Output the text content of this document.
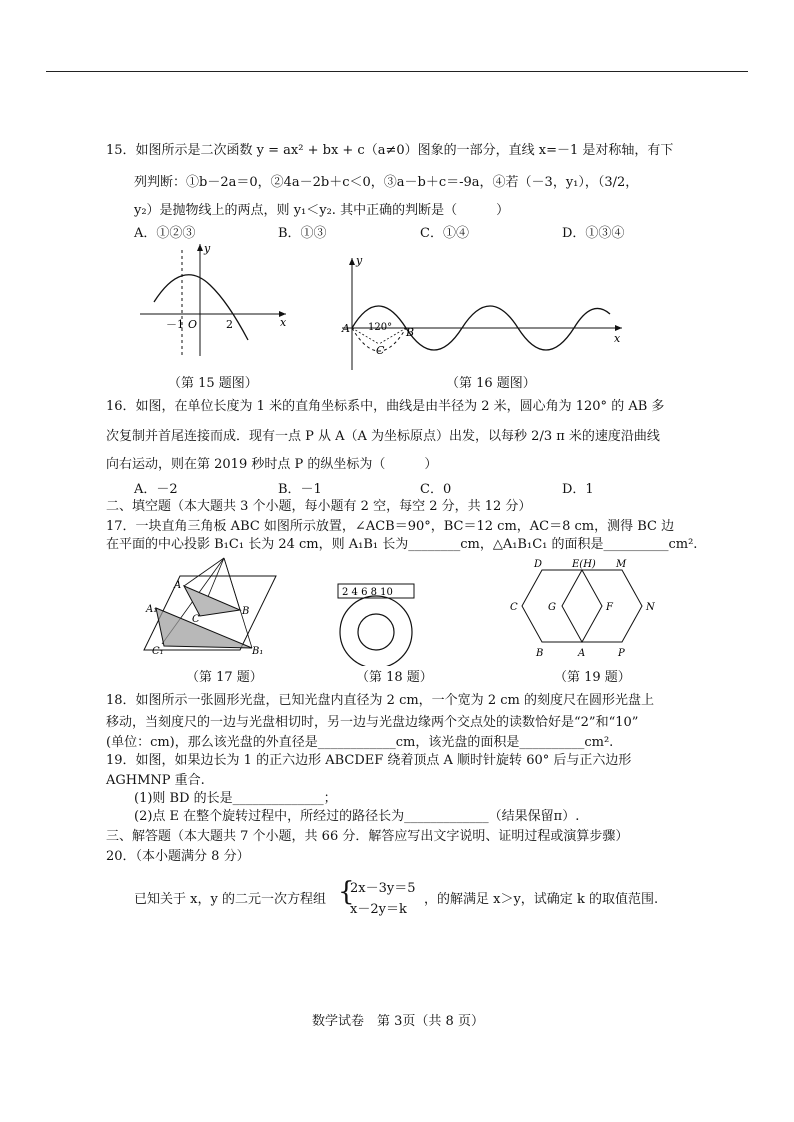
15．如图所示是二次函数 y = ax² + bx + c（a≠0）图象的一部分，直线 x=－1 是对称轴，有下
列判断：①b－2a＝0，②4a－2b＋c＜0，③a－b＋c＝-9a，④若（－3，y₁），（3/2，
y₂）是抛物线上的两点，则 y₁＜y₂. 其中正确的判断是（　　　）
A．①②③	B．①③	C．①④	D．①③④
y
x
－1 O	2
（第 15 题图）
y
x
A	B
C
120°
（第 16 题图）
16．如图，在单位长度为 1 米的直角坐标系中，曲线是由半径为 2 米，圆心角为 120° 的 AB 多
次复制并首尾连接而成．现有一点 P 从 A（A 为坐标原点）出发，以每秒 2/3 π 米的速度沿曲线
向右运动，则在第 2019 秒时点 P 的纵坐标为（　　　）
A．－2	B．－1	C．0	D．1
二、填空题（本大题共 3 个小题，每小题有 2 空，每空 2 分，共 12 分）
17．一块直角三角板 ABC 如图所示放置，∠ACB＝90°，BC＝12 cm，AC＝8 cm，测得 BC 边
在平面的中心投影 B₁C₁ 长为 24 cm，则 A₁B₁ 长为________cm，△A₁B₁C₁ 的面积是__________cm².
A
A₁	B
B₁
C
C₁
（第 17 题）
2 4 6 8 10
（第 18 题）
D	E(H) M
C	G	F	N
B	A	P
（第 19 题）
18．如图所示一张圆形光盘，已知光盘内直径为 2 cm，一个宽为 2 cm 的刻度尺在圆形光盘上
移动，当刻度尺的一边与光盘相切时，另一边与光盘边缘两个交点处的读数恰好是“2”和“10”
(单位：cm)，那么该光盘的外直径是____________cm，该光盘的面积是__________cm².
19．如图，如果边长为 1 的正六边形 ABCDEF 绕着顶点 A 顺时针旋转 60° 后与正六边形
AGHMNP 重合.
(1)则 BD 的长是______________；
(2)点 E 在整个旋转过程中，所经过的路径长为_____________（结果保留π）.
三、解答题（本大题共 7 个小题，共 66 分．解答应写出文字说明、证明过程或演算步骤）
20．（本小题满分 8 分）
已知关于 x，y 的二元一次方程组 {
2x－3y＝5
x－2y＝k
，的解满足 x＞y，试确定 k 的取值范围.
数学试卷　第 3页（共 8 页）
